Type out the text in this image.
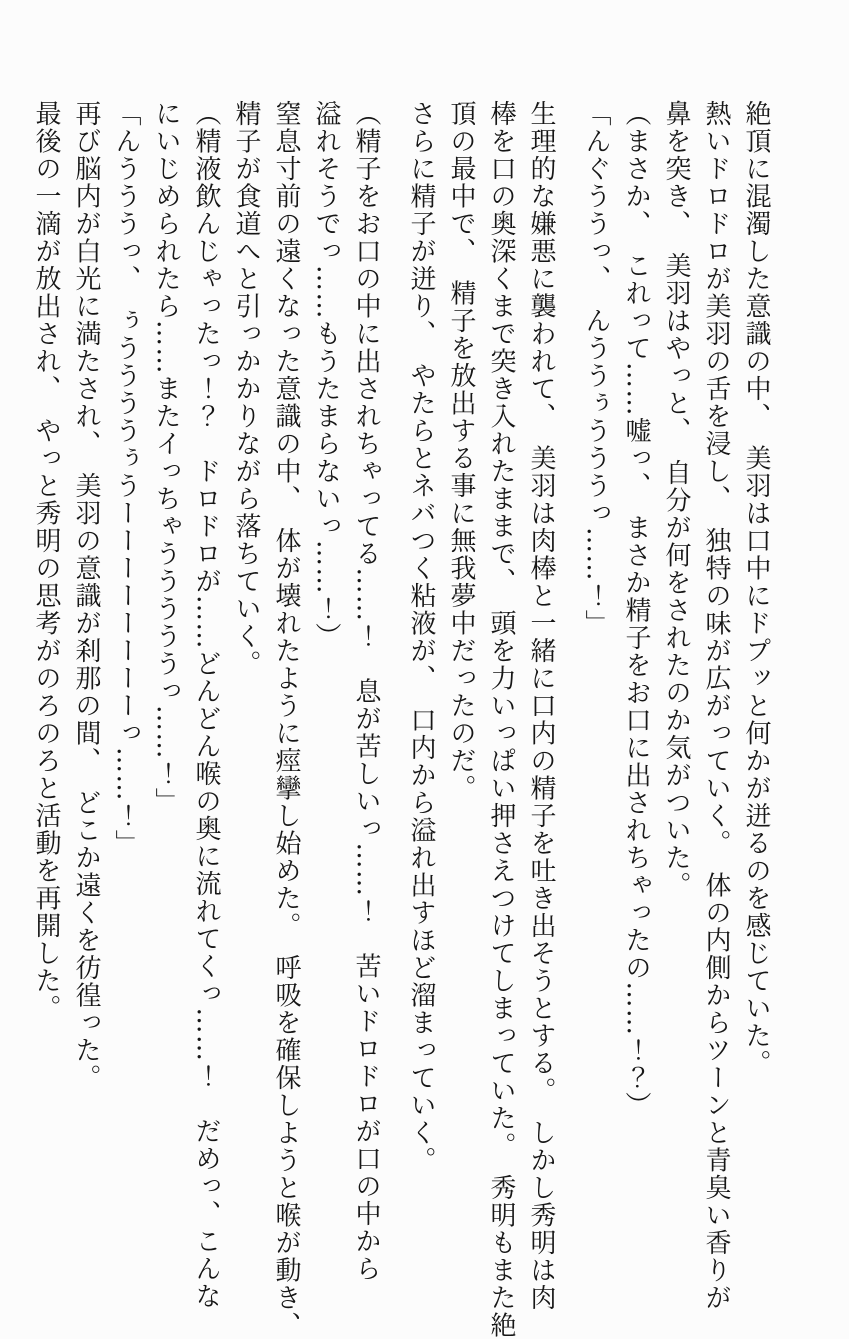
絶頂に混濁した意識の中、　美羽は口中にドプッと何かが迸るのを感じていた。

熱いドロドロが美羽の舌を浸し、　独特の味が広がっていく。　体の内側からツーンと青臭い香りが

鼻を突き、　美羽はやっと、　自分が何をされたのか気がついた。

（まさか、　これって……嘘っ、　まさか精子をお口に出されちゃったの……！？）

「んぐううっ、　んううぅうううっ……！」

生理的な嫌悪に襲われて、　美羽は肉棒と一緒に口内の精子を吐き出そうとする。　しかし秀明は肉

棒を口の奥深くまで突き入れたままで、　頭を力いっぱい押さえつけてしまっていた。　秀明もまた絶

頂の最中で、　精子を放出する事に無我夢中だったのだ。

さらに精子が迸り、　やたらとネバつく粘液が、　口内から溢れ出すほど溜まっていく。

（精子をお口の中に出されちゃってる……！　息が苦しいっ……！　苦いドロドロが口の中から

溢れそうでっ……もうたまらないっ……！）

窒息寸前の遠くなった意識の中、　体が壊れたように痙攣し始めた。　呼吸を確保しようと喉が動き、

精子が食道へと引っかかりながら落ちていく。

（精液飲んじゃったっ！？　ドロドロが……どんどん喉の奥に流れてくっ……！　だめっ、こんな

にいじめられたら……またイっちゃうううううっ……！」

「んうううっ、　ぅううううぅうーーーーーーーーっ……！」

再び脳内が白光に満たされ、　美羽の意識が刹那の間、　どこか遠くを彷徨った。

最後の一滴が放出され、　やっと秀明の思考がのろのろと活動を再開した。
